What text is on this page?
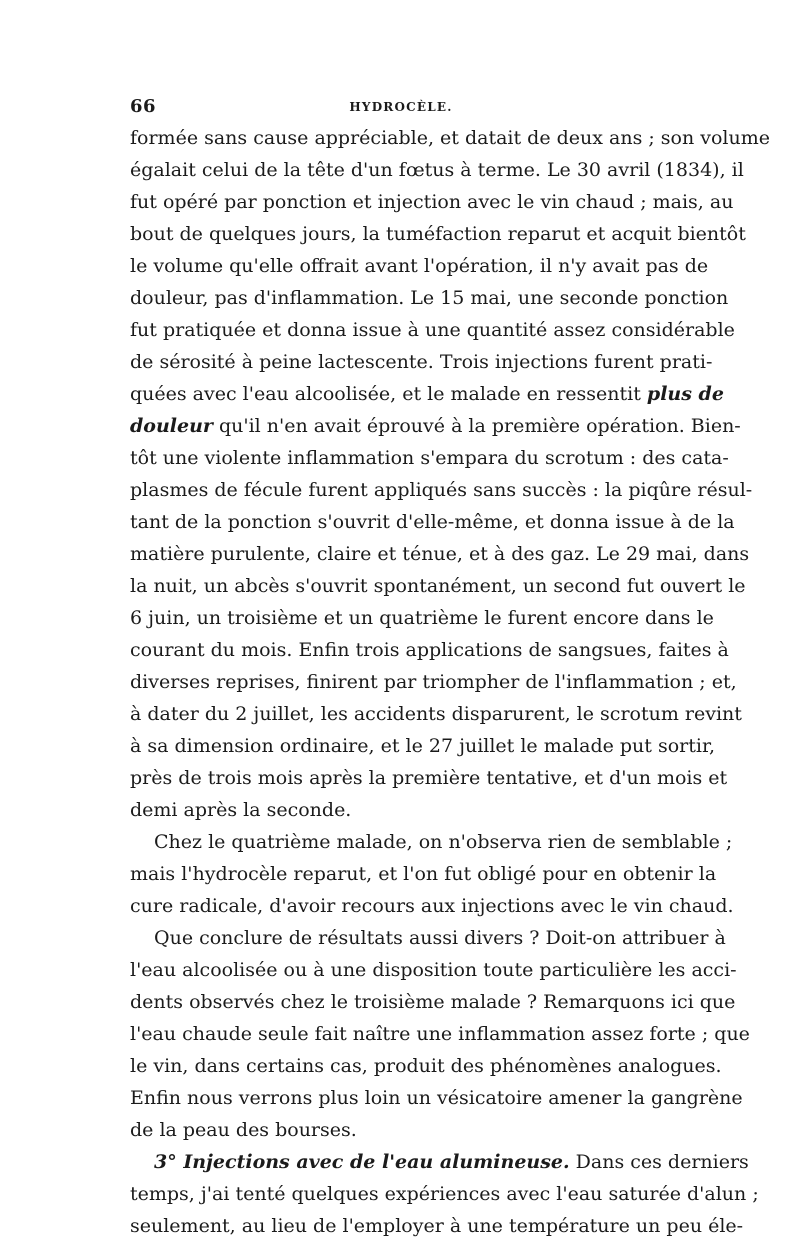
66	HYDROCÈLE.
formée sans cause appréciable, et datait de deux ans ; son volume
égalait celui de la tête d'un fœtus à terme. Le 30 avril (1834), il
fut opéré par ponction et injection avec le vin chaud ; mais, au
bout de quelques jours, la tuméfaction reparut et acquit bientôt
le volume qu'elle offrait avant l'opération, il n'y avait pas de
douleur, pas d'inflammation. Le 15 mai, une seconde ponction
fut pratiquée et donna issue à une quantité assez considérable
de sérosité à peine lactescente. Trois injections furent prati-
quées avec l'eau alcoolisée, et le malade en ressentit plus de
douleur qu'il n'en avait éprouvé à la première opération. Bien-
tôt une violente inflammation s'empara du scrotum : des cata-
plasmes de fécule furent appliqués sans succès : la piqûre résul-
tant de la ponction s'ouvrit d'elle-même, et donna issue à de la
matière purulente, claire et ténue, et à des gaz. Le 29 mai, dans
la nuit, un abcès s'ouvrit spontanément, un second fut ouvert le
6 juin, un troisième et un quatrième le furent encore dans le
courant du mois. Enfin trois applications de sangsues, faites à
diverses reprises, finirent par triompher de l'inflammation ; et,
à dater du 2 juillet, les accidents disparurent, le scrotum revint
à sa dimension ordinaire, et le 27 juillet le malade put sortir,
près de trois mois après la première tentative, et d'un mois et
demi après la seconde.
Chez le quatrième malade, on n'observa rien de semblable ;
mais l'hydrocèle reparut, et l'on fut obligé pour en obtenir la
cure radicale, d'avoir recours aux injections avec le vin chaud.
Que conclure de résultats aussi divers ? Doit-on attribuer à
l'eau alcoolisée ou à une disposition toute particulière les acci-
dents observés chez le troisième malade ? Remarquons ici que
l'eau chaude seule fait naître une inflammation assez forte ; que
le vin, dans certains cas, produit des phénomènes analogues.
Enfin nous verrons plus loin un vésicatoire amener la gangrène
de la peau des bourses.
3° Injections avec de l'eau alumineuse. Dans ces derniers
temps, j'ai tenté quelques expériences avec l'eau saturée d'alun ;
seulement, au lieu de l'employer à une température un peu éle-
